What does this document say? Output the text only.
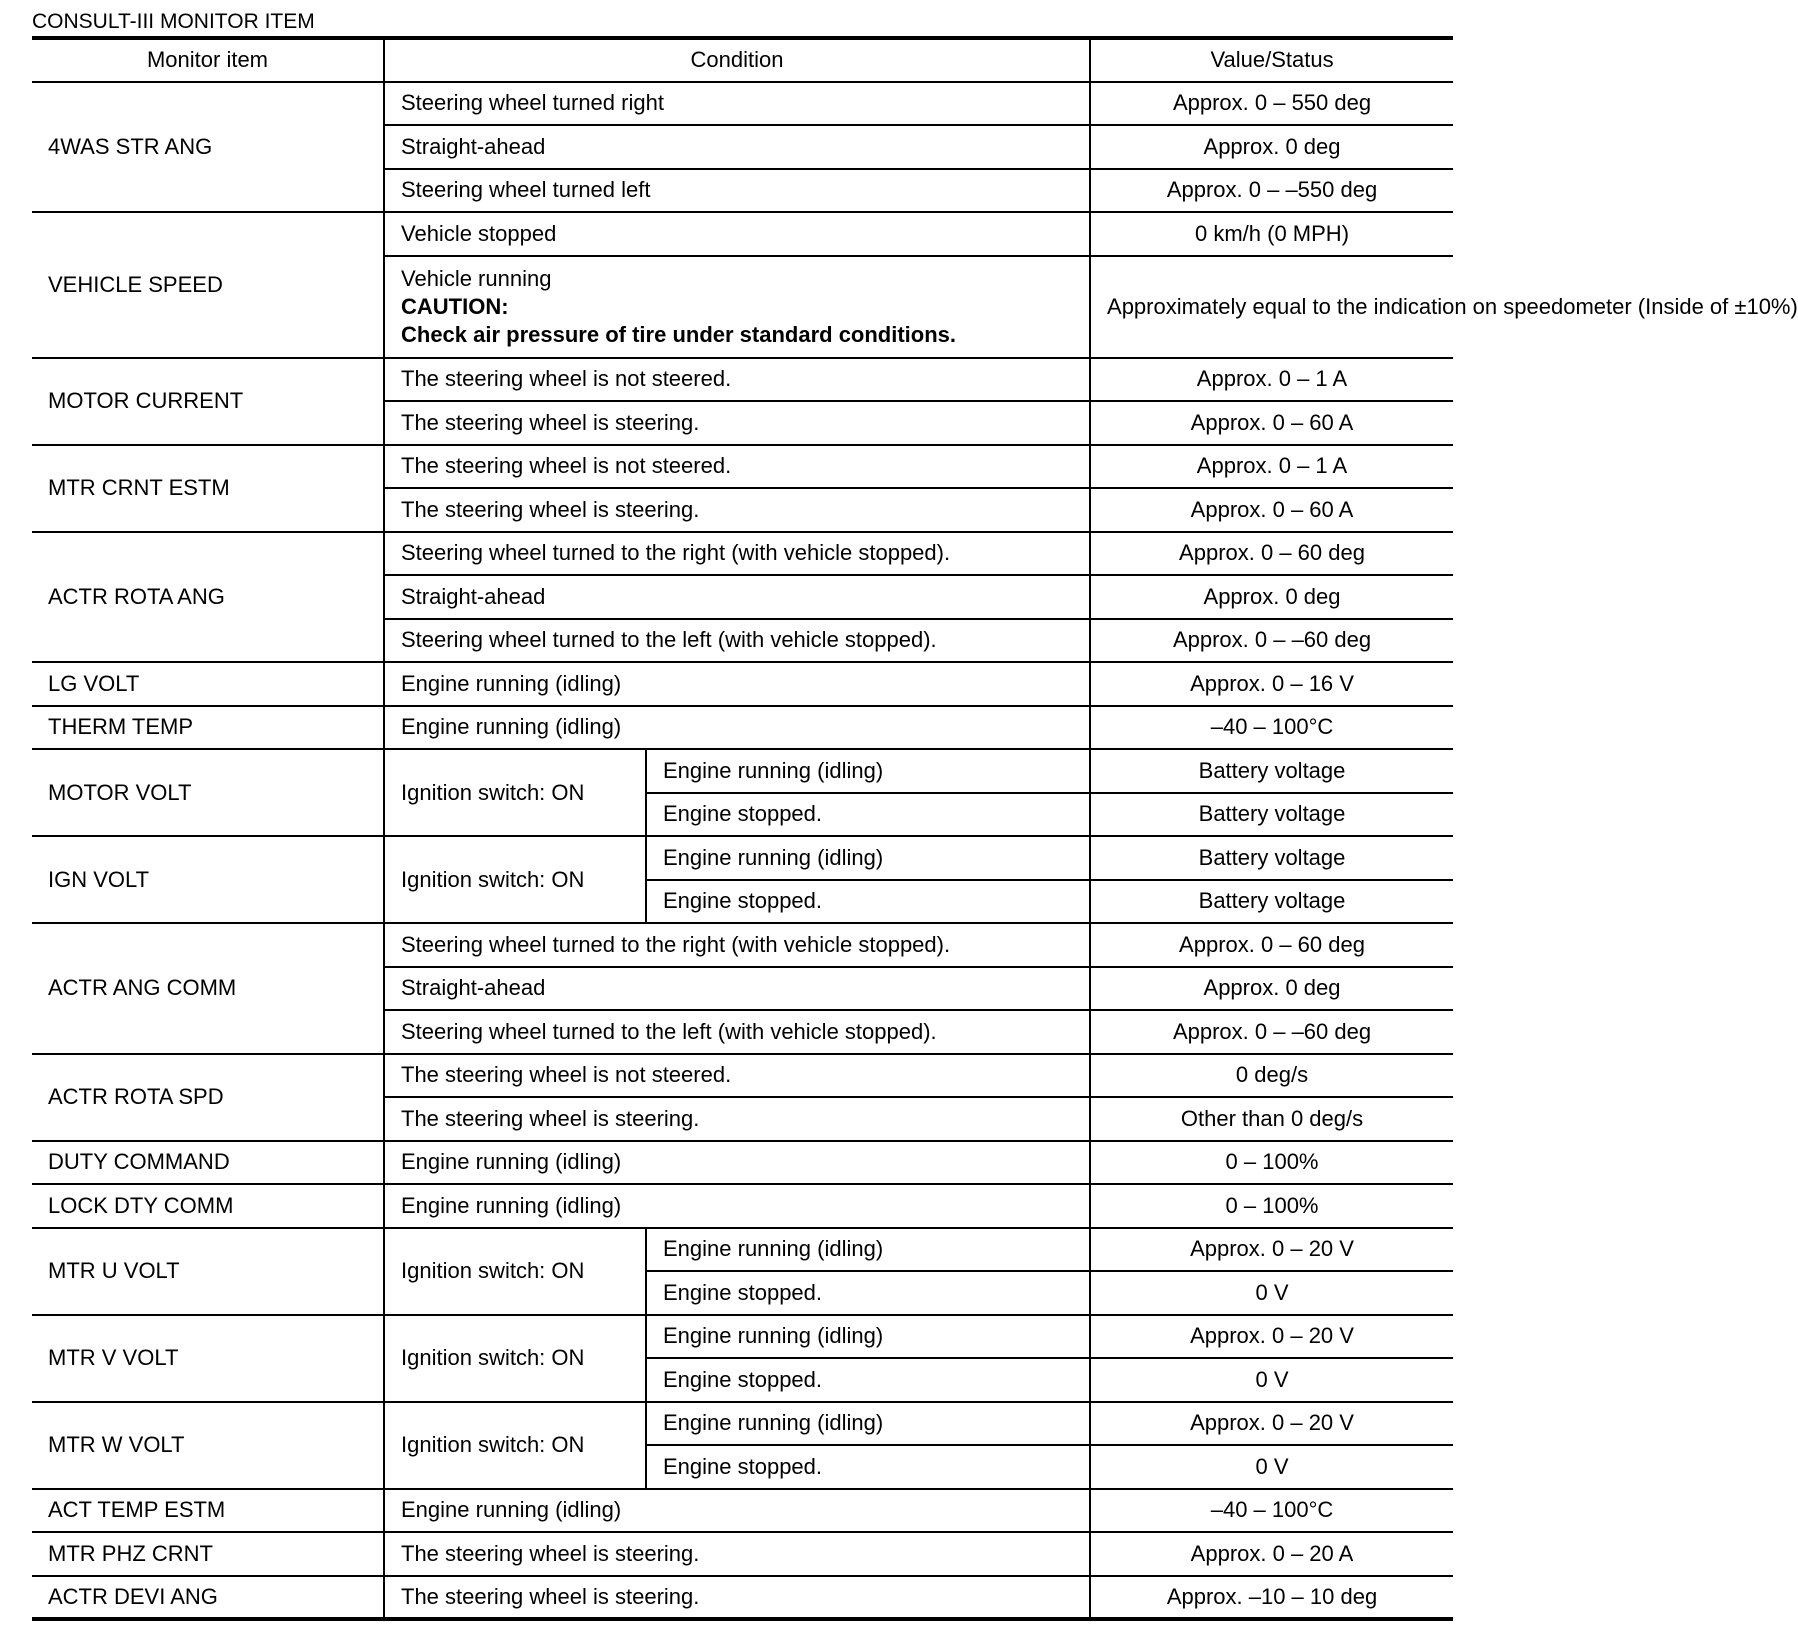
CONSULT-III MONITOR ITEM
Monitor item	Condition		Value/Status
4WAS STR ANG	Steering wheel turned right		Approx. 0 – 550 deg
	Straight-ahead		Approx. 0 deg
	Steering wheel turned left		Approx. 0 – –550 deg
VEHICLE SPEED	Vehicle stopped		0 km/h (0 MPH)

	Vehicle running
CAUTION:
Check air pressure of tire under standard conditions.		Approximately equal to the indication on speedometer (Inside of ±10%)
MOTOR CURRENT	The steering wheel is not steered.		Approx. 0 – 1 A
	The steering wheel is steering.		Approx. 0 – 60 A
MTR CRNT ESTM	The steering wheel is not steered.		Approx. 0 – 1 A
	The steering wheel is steering.		Approx. 0 – 60 A
ACTR ROTA ANG	Steering wheel turned to the right (with vehicle stopped).		Approx. 0 – 60 deg
	Straight-ahead		Approx. 0 deg
	Steering wheel turned to the left (with vehicle stopped).		Approx. 0 – –60 deg
LG VOLT	Engine running (idling)		Approx. 0 – 16 V
THERM TEMP	Engine running (idling)		–40 – 100°C
MOTOR VOLT	Ignition switch: ON	Engine running (idling)	Battery voltage
		Engine stopped.	Battery voltage
IGN VOLT	Ignition switch: ON	Engine running (idling)	Battery voltage
		Engine stopped.	Battery voltage
ACTR ANG COMM	Steering wheel turned to the right (with vehicle stopped).		Approx. 0 – 60 deg
	Straight-ahead		Approx. 0 deg
	Steering wheel turned to the left (with vehicle stopped).		Approx. 0 – –60 deg
ACTR ROTA SPD	The steering wheel is not steered.		0 deg/s
	The steering wheel is steering.		Other than 0 deg/s
DUTY COMMAND	Engine running (idling)		0 – 100%
LOCK DTY COMM	Engine running (idling)		0 – 100%
MTR U VOLT	Ignition switch: ON	Engine running (idling)	Approx. 0 – 20 V
		Engine stopped.	0 V
MTR V VOLT	Ignition switch: ON	Engine running (idling)	Approx. 0 – 20 V
		Engine stopped.	0 V
MTR W VOLT	Ignition switch: ON	Engine running (idling)	Approx. 0 – 20 V
		Engine stopped.	0 V
ACT TEMP ESTM	Engine running (idling)		–40 – 100°C
MTR PHZ CRNT	The steering wheel is steering.		Approx. 0 – 20 A
ACTR DEVI ANG	The steering wheel is steering.		Approx. –10 – 10 deg
